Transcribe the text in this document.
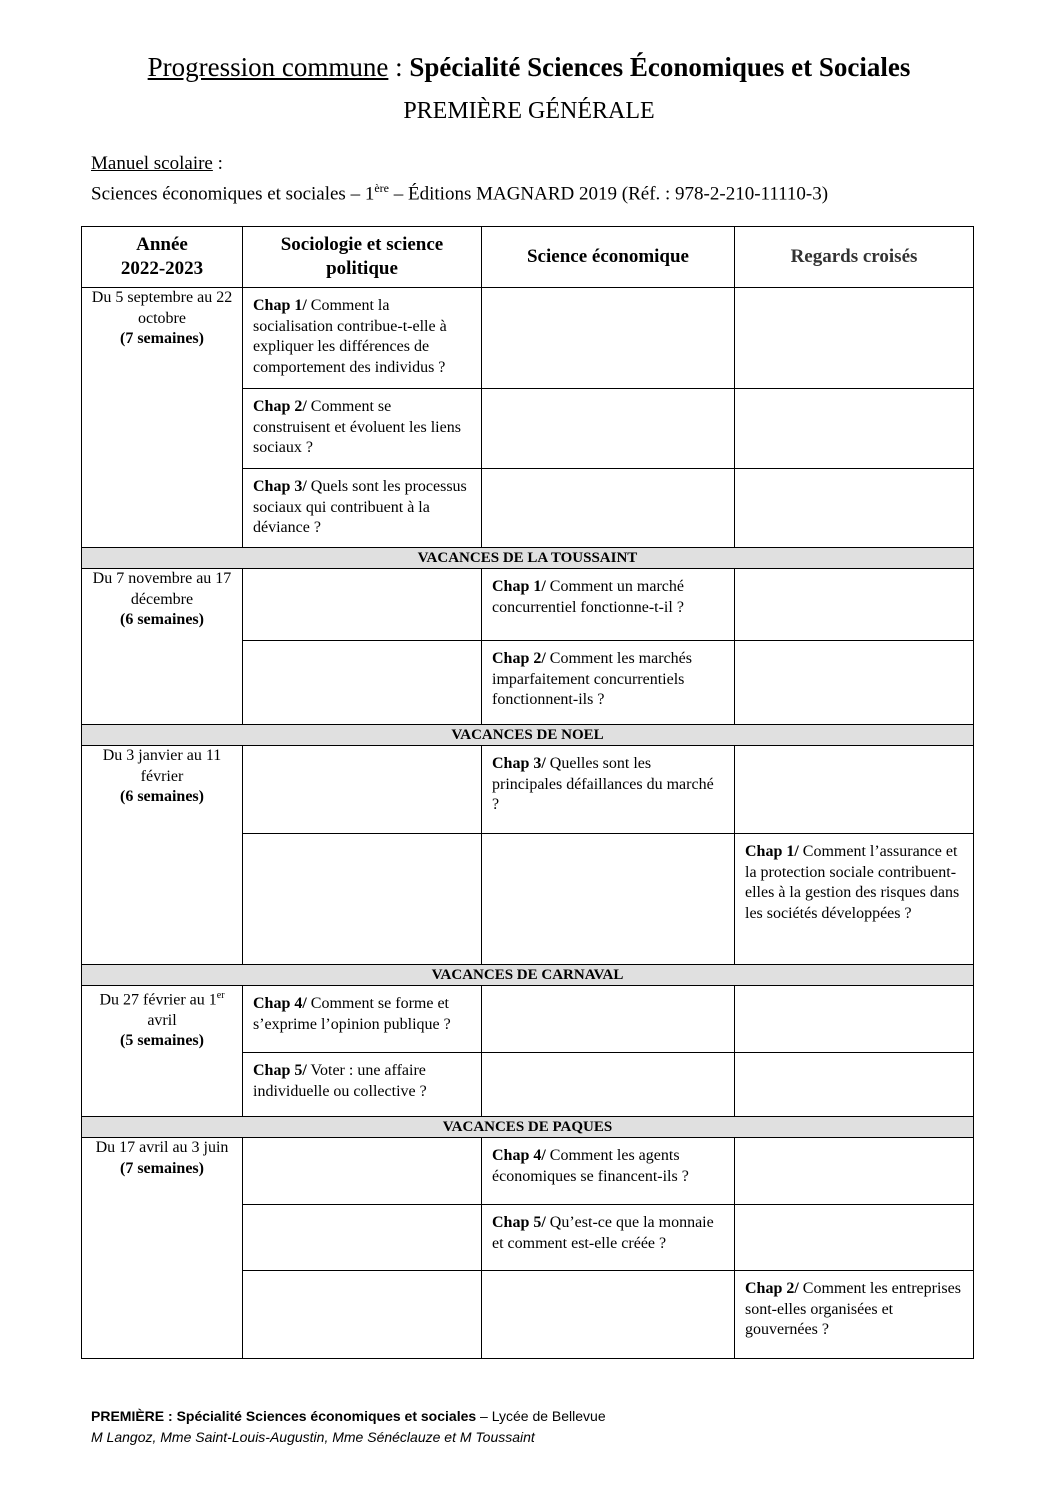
Progression commune : Spécialité Sciences Économiques et Sociales
PREMIÈRE GÉNÉRALE
Manuel scolaire :
Sciences économiques et sociales – 1ère – Éditions MAGNARD 2019 (Réf. : 978-2-210-11110-3)
Année
2022-2023	Sociologie et science politique	Science économique	Regards croisés

Du 5 septembre au 22 octobre
(7 semaines)	Chap 1/ Comment la socialisation contribue-t-elle à expliquer les différences de comportement des individus ?		

	Chap 2/ Comment se construisent et évoluent les liens sociaux ?		

	Chap 3/ Quels sont les processus sociaux qui contribuent à la déviance ?		

VACANCES DE LA TOUSSAINT			

Du 7 novembre au 17 décembre
(6 semaines)		Chap 1/ Comment un marché concurrentiel fonctionne-t-il ?	

		Chap 2/ Comment les marchés imparfaitement concurrentiels fonctionnent-ils ?	

VACANCES DE NOEL			

Du 3 janvier au 11 février
(6 semaines)		Chap 3/ Quelles sont les principales défaillances du marché ?	

			Chap 1/ Comment l’assurance et la protection sociale contribuent-elles à la gestion des risques dans les sociétés développées ?

VACANCES DE CARNAVAL			

Du 27 février au 1er avril
(5 semaines)	Chap 4/ Comment se forme et s’exprime l’opinion publique ?		

	Chap 5/ Voter : une affaire individuelle ou collective ?		

VACANCES DE PAQUES			

Du 17 avril au 3 juin
(7 semaines)		Chap 4/ Comment les agents économiques se financent-ils ?	

		Chap 5/ Qu’est-ce que la monnaie et comment est-elle créée ?	

			Chap 2/ Comment les entreprises sont-elles organisées et gouvernées ?
PREMIÈRE : Spécialité Sciences économiques et sociales – Lycée de Bellevue
M Langoz, Mme Saint-Louis-Augustin, Mme Sénéclauze et M Toussaint
